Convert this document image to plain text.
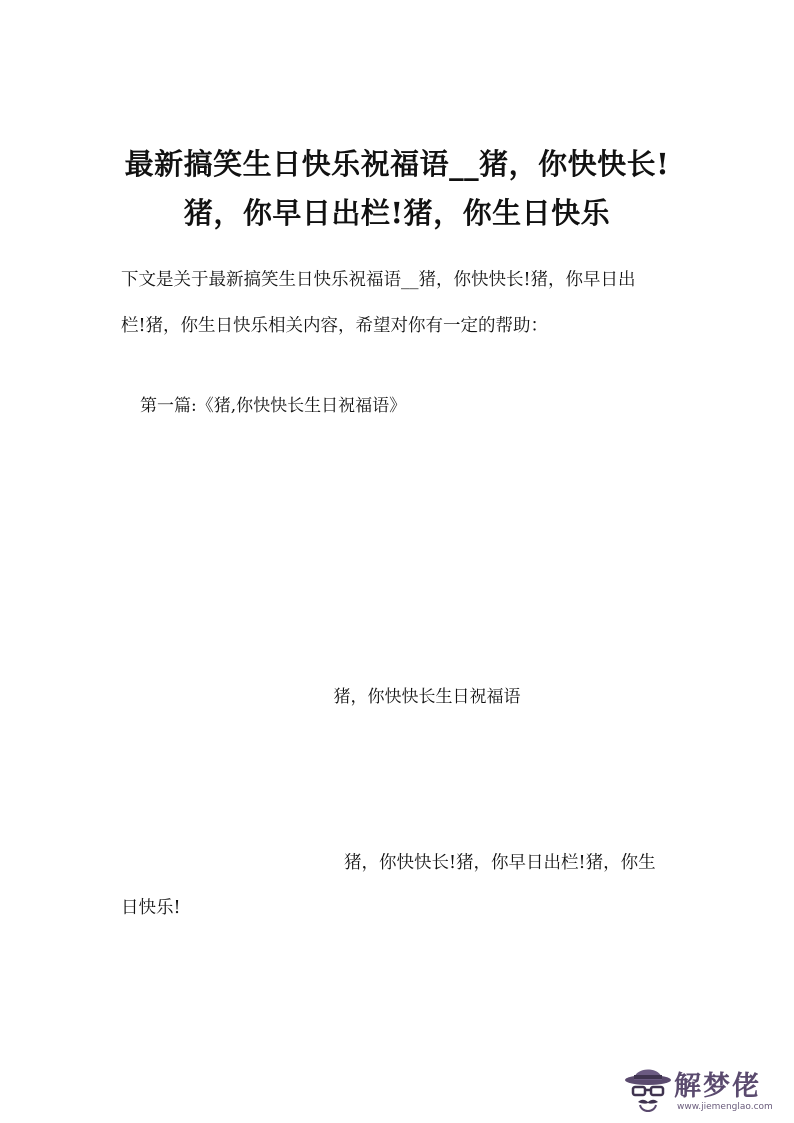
最新搞笑生日快乐祝福语__猪，你快快长!
猪，你早日出栏!猪，你生日快乐
下文是关于最新搞笑生日快乐祝福语__猪，你快快长!猪，你早日出
栏!猪，你生日快乐相关内容，希望对你有一定的帮助：
第一篇:《猪,你快快长生日祝福语》
猪，你快快长生日祝福语
猪，你快快长!猪，你早日出栏!猪，你生
日快乐!
解梦佬
www.jiemenglao.com
